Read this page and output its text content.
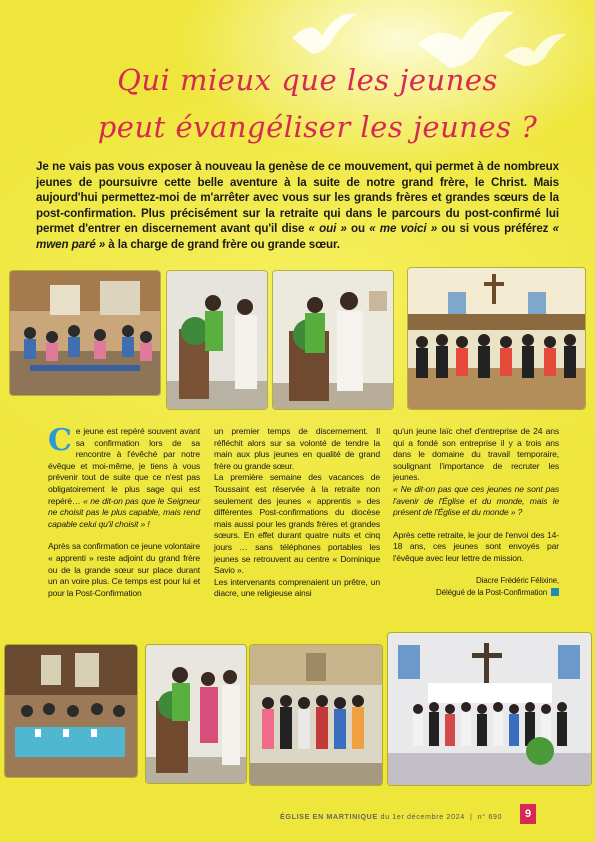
Qui mieux que les jeunes
peut évangéliser les jeunes ?
Je ne vais pas vous exposer à nouveau la genèse de ce mouvement, qui permet à de nombreux jeunes de poursuivre cette belle aventure à la suite de notre grand frère, le Christ. Mais aujourd'hui permettez-moi de m'arrêter avec vous sur les grands frères et grandes sœurs de la post-confirmation. Plus précisément sur la retraite qui dans le parcours du post-confirmé lui permet d'entrer en discernement avant qu'il dise « oui » ou « me voici » ou si vous préférez « mwen paré » à la charge de grand frère ou grande sœur.

Ce jeune est repéré souvent avant sa confirmation lors de sa rencontre à l'évêché par notre évêque et moi-même, je tiens à vous prévenir tout de suite que ce n'est pas obligatoirement le plus sage qui est repéré… « ne dit-on pas que le Seigneur ne choisit pas le plus capable, mais rend capable celui qu'il choisit » !

Après sa confirmation ce jeune volontaire « apprenti » reste adjoint du grand frère ou de la grande sœur sur place durant un an voire plus. Ce temps est pour lui et pour la Post-Confirmation

un premier temps de discernement. Il réfléchit alors sur sa volonté de tendre la main aux plus jeunes en qualité de grand frère ou grande sœur.

La première semaine des vacances de Toussaint est réservée à la retraite non seulement des jeunes « apprentis » des différentes Post-confirmations du diocèse mais aussi pour les grands frères et grandes sœurs. En effet durant quatre nuits et cinq jours … sans téléphones portables les jeunes se retrouvent au centre « Dominique Savio ».

Les intervenants comprenaient un prêtre, un diacre, une religieuse ainsi

qu'un jeune laïc chef d'entreprise de 24 ans qui a fondé son entreprise il y a trois ans dans le domaine du travail temporaire, soulignant l'importance de recruter les jeunes.
« Ne dit-on pas que ces jeunes ne sont pas l'avenir de l'Église et du monde, mais le présent de l'Église et du monde » ?

Après cette retraite, le jour de l'envoi des 14-18 ans, ces jeunes sont envoyés par l'évêque avec leur lettre de mission.

Diacre Frédéric Félixine,
Délégué de la Post-Confirmation
ÉGLISE EN MARTINIQUE du 1er décembre 2024  |  n° 690	9
